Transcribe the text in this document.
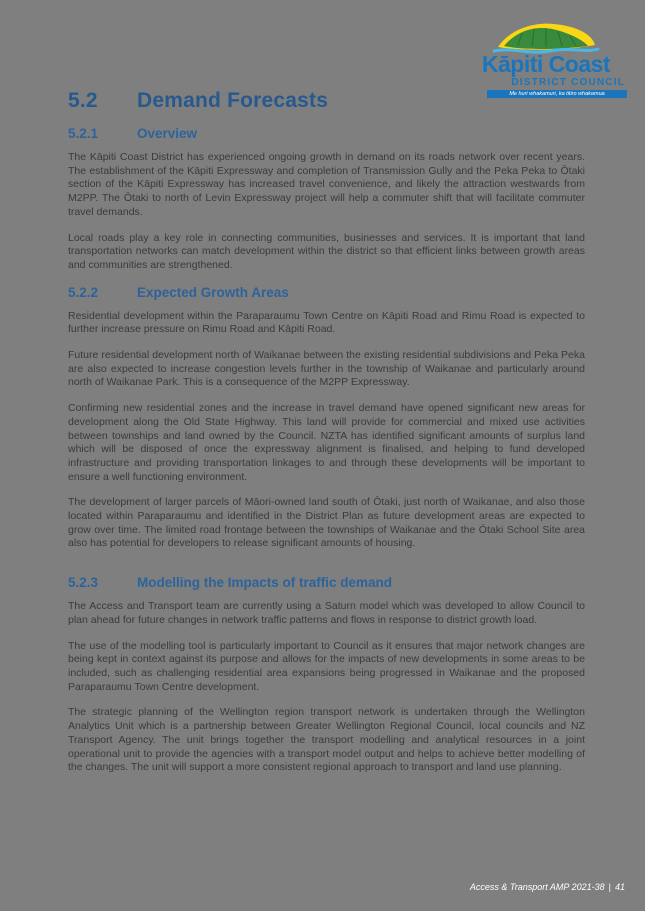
Kāpiti Coast
DISTRICT COUNCIL
Me huri whakamuri, ka titiro whakamua
5.2 Demand Forecasts
5.2.1	Overview

The Kāpiti Coast District has experienced ongoing growth in demand on its roads network over recent years. The establishment of the Kāpiti Expressway and completion of Transmission Gully and the Peka Peka to Ōtaki section of the Kāpiti Expressway has increased travel convenience, and likely the attraction westwards from M2PP. The Ōtaki to north of Levin Expressway project will help a commuter shift that will facilitate commuter travel demands.

Local roads play a key role in connecting communities, businesses and services. It is important that land transportation networks can match development within the district so that efficient links between growth areas and communities are strengthened.

5.2.2	Expected Growth Areas

Residential development within the Paraparaumu Town Centre on Kāpiti Road and Rimu Road is expected to further increase pressure on Rimu Road and Kāpiti Road.

Future residential development north of Waikanae between the existing residential subdivisions and Peka Peka are also expected to increase congestion levels further in the township of Waikanae and particularly around north of Waikanae Park. This is a consequence of the M2PP Expressway.

Confirming new residential zones and the increase in travel demand have opened significant new areas for development along the Old State Highway. This land will provide for commercial and mixed use activities between townships and land owned by the Council. NZTA has identified significant amounts of surplus land which will be disposed of once the expressway alignment is finalised, and helping to fund developed infrastructure and providing transportation linkages to and through these developments will be important to ensure a well functioning environment.

The development of larger parcels of Māori-owned land south of Ōtaki, just north of Waikanae, and also those located within Paraparaumu and identified in the District Plan as future development areas are expected to grow over time. The limited road frontage between the townships of Waikanae and the Ōtaki School Site area also has potential for developers to release significant amounts of housing.

5.2.3	Modelling the Impacts of traffic demand

The Access and Transport team are currently using a Saturn model which was developed to allow Council to plan ahead for future changes in network traffic patterns and flows in response to district growth load.

The use of the modelling tool is particularly important to Council as it ensures that major network changes are being kept in context against its purpose and allows for the impacts of new developments in some areas to be included, such as challenging residential area expansions being progressed in Waikanae and the proposed Paraparaumu Town Centre development.

The strategic planning of the Wellington region transport network is undertaken through the Wellington Analytics Unit which is a partnership between Greater Wellington Regional Council, local councils and NZ Transport Agency. The unit brings together the transport modelling and analytical resources in a joint operational unit to provide the agencies with a transport model output and helps to achieve better modelling of the changes. The unit will support a more consistent regional approach to transport and land use planning.

Access & Transport AMP 2021-38 | 41
